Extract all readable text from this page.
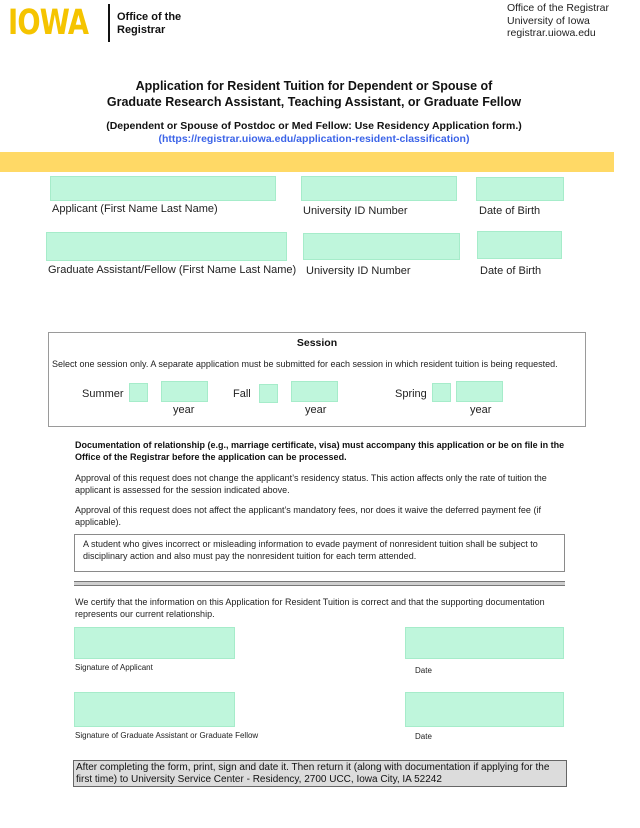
IOWA	Office of the
Registrar
Office of the Registrar
University of Iowa
registrar.uiowa.edu
Application for Resident Tuition for Dependent or Spouse of
Graduate Research Assistant, Teaching Assistant, or Graduate Fellow
(Dependent or Spouse of Postdoc or Med Fellow: Use Residency Application form.)
(https://registrar.uiowa.edu/application-resident-classification)
Applicant (First Name Last Name)	University ID Number	Date of Birth
Graduate Assistant/Fellow (First Name Last Name) University ID Number	Date of Birth
Session
Select one session only. A separate application must be submitted for each session in which resident tuition is being requested.
Summer
year
Fall
year
Spring
year
Documentation of relationship (e.g., marriage certificate, visa) must accompany this application or be on file in the Office of the Registrar before the application can be processed.
Approval of this request does not change the applicant’s residency status. This action affects only the rate of tuition the applicant is assessed for the session indicated above.
Approval of this request does not affect the applicant’s mandatory fees, nor does it waive the deferred payment fee (if applicable).
A student who gives incorrect or misleading information to evade payment of nonresident tuition shall be subject to disciplinary action and also must pay the nonresident tuition for each term attended.
We certify that the information on this Application for Resident Tuition is correct and that the supporting documentation represents our current relationship.
Signature of Applicant	Date
Signature of Graduate Assistant or Graduate Fellow	Date
After completing the form, print, sign and date it. Then return it (along with documentation if applying for the first time) to University Service Center - Residency, 2700 UCC, Iowa City, IA 52242
